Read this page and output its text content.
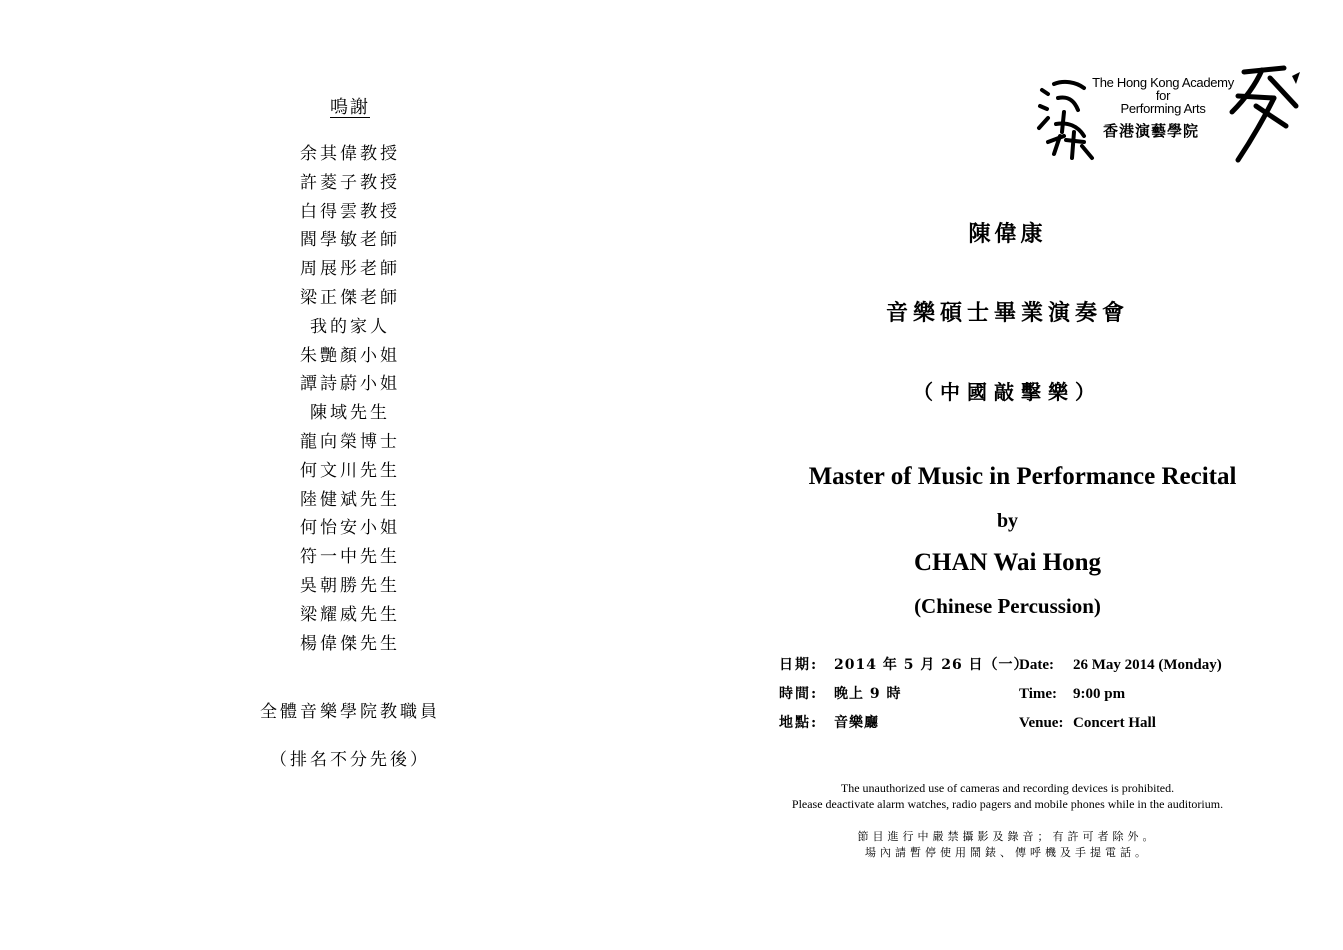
鳴謝
余其偉教授
許菱子教授
白得雲教授
閻學敏老師
周展彤老師
梁正傑老師
我的家人
朱艷顏小姐
譚詩蔚小姐
陳域先生
龍向榮博士
何文川先生
陸健斌先生
何怡安小姐
符一中先生
吳朝勝先生
梁耀威先生
楊偉傑先生
全體音樂學院教職員
（排名不分先後）
The Hong Kong Academy
for
Performing Arts
香港演藝學院
陳偉康
音樂碩士畢業演奏會
（中國敲擊樂）
Master of Music in Performance Recital
by
CHAN Wai Hong
(Chinese Percussion)
日期: 2014 年 5 月 26 日（一）
Date: 26 May 2014 (Monday)
時間: 晚上 9 時	Time: 9:00 pm
地點: 音樂廳	Venue: Concert Hall
The unauthorized use of cameras and recording devices is prohibited.
Please deactivate alarm watches, radio pagers and mobile phones while in the auditorium.
節目進行中嚴禁攝影及錄音；有許可者除外。
場內請暫停使用鬧錶、傳呼機及手提電話。
